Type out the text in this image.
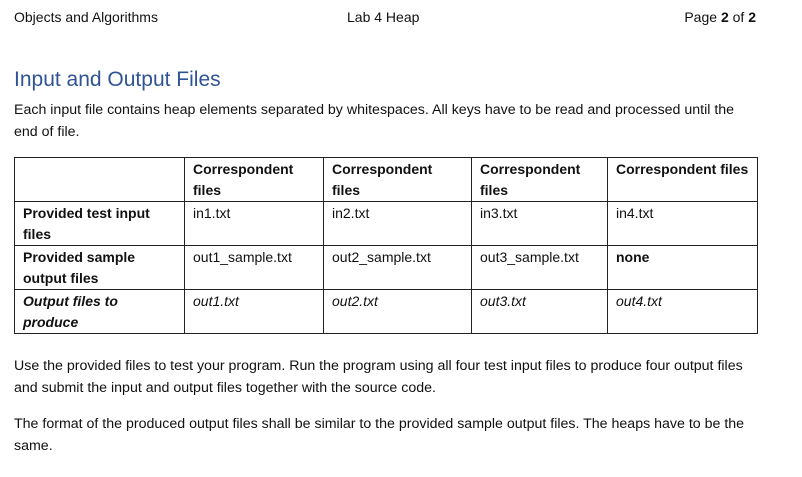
Objects and Algorithms	Lab 4 Heap	Page 2 of 2
Input and Output Files

Each input file contains heap elements separated by whitespaces. All keys have to be read and processed until the end of file.

	Correspondent files	Correspondent files	Correspondent files	Correspondent files
Provided test input files	in1.txt	in2.txt	in3.txt	in4.txt
Provided sample output files	out1_sample.txt	out2_sample.txt	out3_sample.txt	none
Output files to produce	out1.txt	out2.txt	out3.txt	out4.txt

Use the provided files to test your program. Run the program using all four test input files to produce four output files and submit the input and output files together with the source code.

The format of the produced output files shall be similar to the provided sample output files. The heaps have to be the same.
